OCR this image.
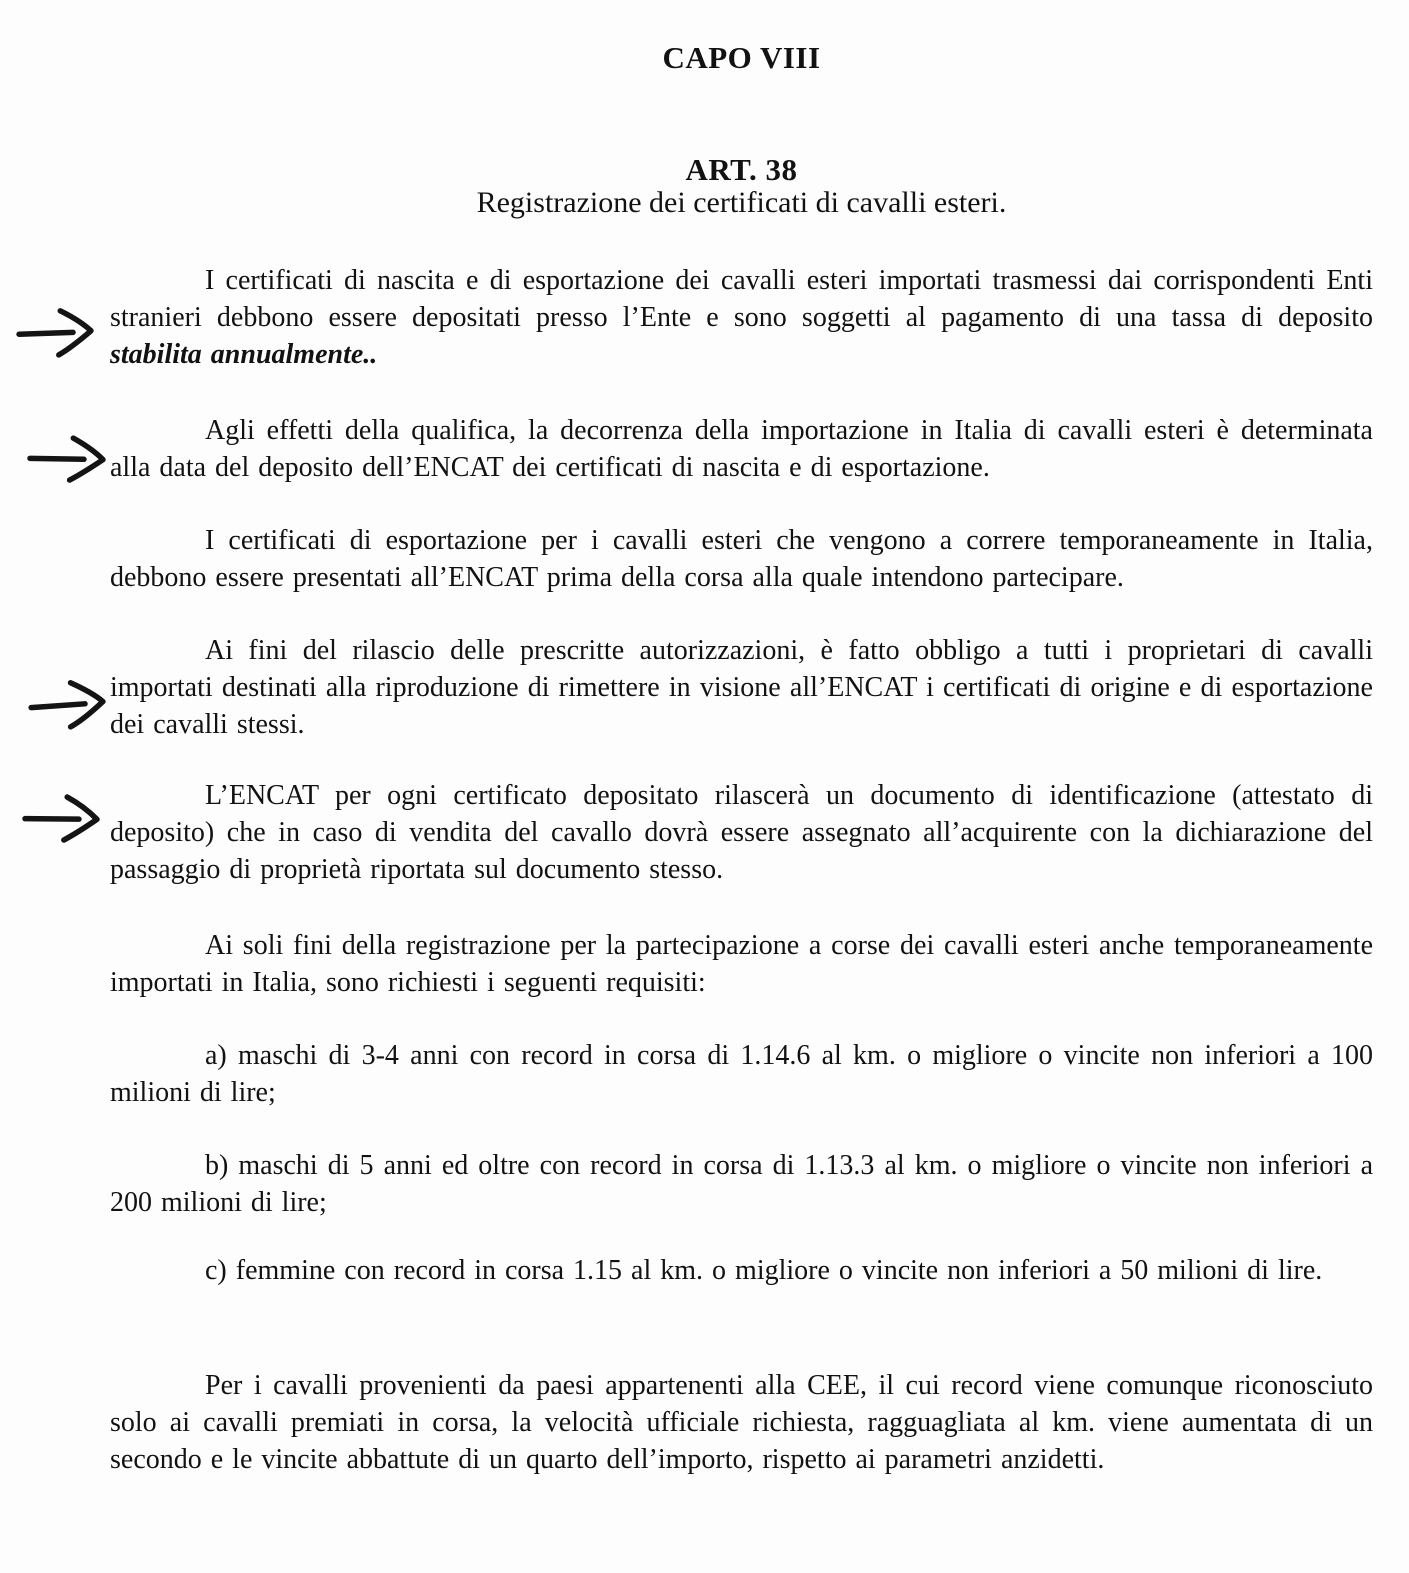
CAPO VIII
ART. 38
Registrazione dei certificati di cavalli esteri.

I certificati di nascita e di esportazione dei cavalli esteri importati trasmessi dai corrispondenti Enti stranieri debbono essere depositati presso l’Ente e sono soggetti al pagamento di una tassa di deposito stabilita annualmente..

Agli effetti della qualifica, la decorrenza della importazione in Italia di cavalli esteri è determinata alla data del deposito dell’ENCAT dei certificati di nascita e di esportazione.

I certificati di esportazione per i cavalli esteri che vengono a correre temporaneamente in Italia, debbono essere presentati all’ENCAT prima della corsa alla quale intendono partecipare.

Ai fini del rilascio delle prescritte autorizzazioni, è fatto obbligo a tutti i proprietari di cavalli importati destinati alla riproduzione di rimettere in visione all’ENCAT i certificati di origine e di esportazione dei cavalli stessi.

L’ENCAT per ogni certificato depositato rilascerà un documento di identificazione (attestato di deposito) che in caso di vendita del cavallo dovrà essere assegnato all’acquirente con la dichiarazione del passaggio di proprietà riportata sul documento stesso.

Ai soli fini della registrazione per la partecipazione a corse dei cavalli esteri anche temporaneamente importati in Italia, sono richiesti i seguenti requisiti:

a) maschi di 3-4 anni con record in corsa di 1.14.6 al km. o migliore o vincite non inferiori a 100 milioni di lire;

b) maschi di 5 anni ed oltre con record in corsa di 1.13.3 al km. o migliore o vincite non inferiori a 200 milioni di lire;

c) femmine con record in corsa 1.15 al km. o migliore o vincite non inferiori a 50 milioni di lire.

Per i cavalli provenienti da paesi appartenenti alla CEE, il cui record viene comunque riconosciuto solo ai cavalli premiati in corsa, la velocità ufficiale richiesta, ragguagliata al km. viene aumentata di un secondo e le vincite abbattute di un quarto dell’importo, rispetto ai parametri anzidetti.
